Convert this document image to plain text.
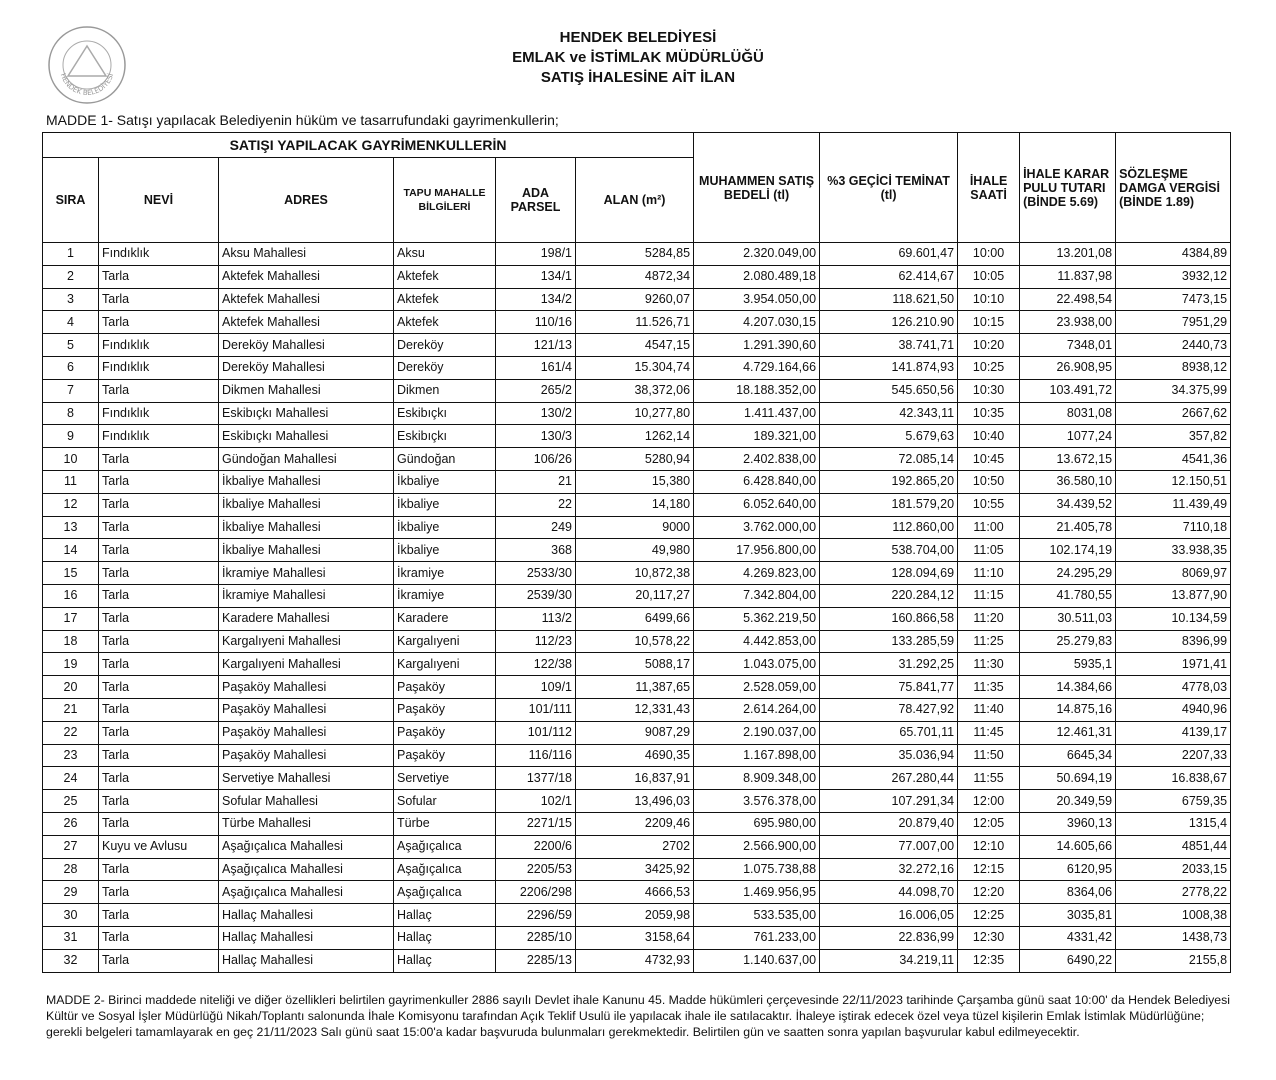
HENDEK BELEDİYESİ
HENDEK BELEDİYESİ
EMLAK ve İSTİMLAK MÜDÜRLÜĞÜ
SATIŞ İHALESİNE AİT İLAN
MADDE 1- Satışı yapılacak Belediyenin hüküm ve tasarrufundaki gayrimenkullerin;
SATIŞI YAPILACAK GAYRİMENKULLERİN						MUHAMMEN SATIŞ BEDELİ (tl)	%3 GEÇİCİ TEMİNAT (tl)	İHALE SAATİ	İHALE KARAR PULU TUTARI (BİNDE 5.69)	SÖZLEŞME DAMGA VERGİSİ (BİNDE 1.89)
SIRA	NEVİ	ADRES	TAPU MAHALLE BİLGİLERİ	ADA PARSEL	ALAN (m²)					
1	Fındıklık	Aksu Mahallesi	Aksu	198/1	5284,85	2.320.049,00	69.601,47	10:00	13.201,08	4384,89
2	Tarla	Aktefek Mahallesi	Aktefek	134/1	4872,34	2.080.489,18	62.414,67	10:05	11.837,98	3932,12
3	Tarla	Aktefek Mahallesi	Aktefek	134/2	9260,07	3.954.050,00	118.621,50	10:10	22.498,54	7473,15
4	Tarla	Aktefek Mahallesi	Aktefek	110/16	11.526,71	4.207.030,15	126.210.90	10:15	23.938,00	7951,29
5	Fındıklık	Dereköy Mahallesi	Dereköy	121/13	4547,15	1.291.390,60	38.741,71	10:20	7348,01	2440,73
6	Fındıklık	Dereköy Mahallesi	Dereköy	161/4	15.304,74	4.729.164,66	141.874,93	10:25	26.908,95	8938,12
7	Tarla	Dikmen Mahallesi	Dikmen	265/2	38,372,06	18.188.352,00	545.650,56	10:30	103.491,72	34.375,99
8	Fındıklık	Eskibıçkı Mahallesi	Eskibıçkı	130/2	10,277,80	1.411.437,00	42.343,11	10:35	8031,08	2667,62
9	Fındıklık	Eskibıçkı Mahallesi	Eskibıçkı	130/3	1262,14	189.321,00	5.679,63	10:40	1077,24	357,82
10	Tarla	Gündoğan Mahallesi	Gündoğan	106/26	5280,94	2.402.838,00	72.085,14	10:45	13.672,15	4541,36
11	Tarla	İkbaliye Mahallesi	İkbaliye	21	15,380	6.428.840,00	192.865,20	10:50	36.580,10	12.150,51
12	Tarla	İkbaliye Mahallesi	İkbaliye	22	14,180	6.052.640,00	181.579,20	10:55	34.439,52	11.439,49
13	Tarla	İkbaliye Mahallesi	İkbaliye	249	9000	3.762.000,00	112.860,00	11:00	21.405,78	7110,18
14	Tarla	İkbaliye Mahallesi	İkbaliye	368	49,980	17.956.800,00	538.704,00	11:05	102.174,19	33.938,35
15	Tarla	İkramiye Mahallesi	İkramiye	2533/30	10,872,38	4.269.823,00	128.094,69	11:10	24.295,29	8069,97
16	Tarla	İkramiye Mahallesi	İkramiye	2539/30	20,117,27	7.342.804,00	220.284,12	11:15	41.780,55	13.877,90
17	Tarla	Karadere Mahallesi	Karadere	113/2	6499,66	5.362.219,50	160.866,58	11:20	30.511,03	10.134,59
18	Tarla	Kargalıyeni Mahallesi	Kargalıyeni	112/23	10,578,22	4.442.853,00	133.285,59	11:25	25.279,83	8396,99
19	Tarla	Kargalıyeni Mahallesi	Kargalıyeni	122/38	5088,17	1.043.075,00	31.292,25	11:30	5935,1	1971,41
20	Tarla	Paşaköy Mahallesi	Paşaköy	109/1	11,387,65	2.528.059,00	75.841,77	11:35	14.384,66	4778,03
21	Tarla	Paşaköy Mahallesi	Paşaköy	101/111	12,331,43	2.614.264,00	78.427,92	11:40	14.875,16	4940,96
22	Tarla	Paşaköy Mahallesi	Paşaköy	101/112	9087,29	2.190.037,00	65.701,11	11:45	12.461,31	4139,17
23	Tarla	Paşaköy Mahallesi	Paşaköy	116/116	4690,35	1.167.898,00	35.036,94	11:50	6645,34	2207,33
24	Tarla	Servetiye Mahallesi	Servetiye	1377/18	16,837,91	8.909.348,00	267.280,44	11:55	50.694,19	16.838,67
25	Tarla	Sofular Mahallesi	Sofular	102/1	13,496,03	3.576.378,00	107.291,34	12:00	20.349,59	6759,35
26	Tarla	Türbe Mahallesi	Türbe	2271/15	2209,46	695.980,00	20.879,40	12:05	3960,13	1315,4
27	Kuyu ve Avlusu	Aşağıçalıca Mahallesi	Aşağıçalıca	2200/6	2702	2.566.900,00	77.007,00	12:10	14.605,66	4851,44
28	Tarla	Aşağıçalıca Mahallesi	Aşağıçalıca	2205/53	3425,92	1.075.738,88	32.272,16	12:15	6120,95	2033,15
29	Tarla	Aşağıçalıca Mahallesi	Aşağıçalıca	2206/298	4666,53	1.469.956,95	44.098,70	12:20	8364,06	2778,22
30	Tarla	Hallaç Mahallesi	Hallaç	2296/59	2059,98	533.535,00	16.006,05	12:25	3035,81	1008,38
31	Tarla	Hallaç Mahallesi	Hallaç	2285/10	3158,64	761.233,00	22.836,99	12:30	4331,42	1438,73
32	Tarla	Hallaç Mahallesi	Hallaç	2285/13	4732,93	1.140.637,00	34.219,11	12:35	6490,22	2155,8
MADDE 2- Birinci maddede niteliği ve diğer özellikleri belirtilen gayrimenkuller 2886 sayılı Devlet ihale Kanunu 45. Madde hükümleri çerçevesinde 22/11/2023 tarihinde Çarşamba günü saat 10:00' da Hendek Belediyesi Kültür ve Sosyal İşler Müdürlüğü Nikah/Toplantı salonunda İhale Komisyonu tarafından Açık Teklif Usulü ile yapılacak ihale ile satılacaktır. İhaleye iştirak edecek özel veya tüzel kişilerin Emlak İstimlak Müdürlüğüne; gerekli belgeleri tamamlayarak en geç 21/11/2023 Salı günü saat 15:00'a kadar başvuruda bulunmaları gerekmektedir. Belirtilen gün ve saatten sonra yapılan başvurular kabul edilmeyecektir.
